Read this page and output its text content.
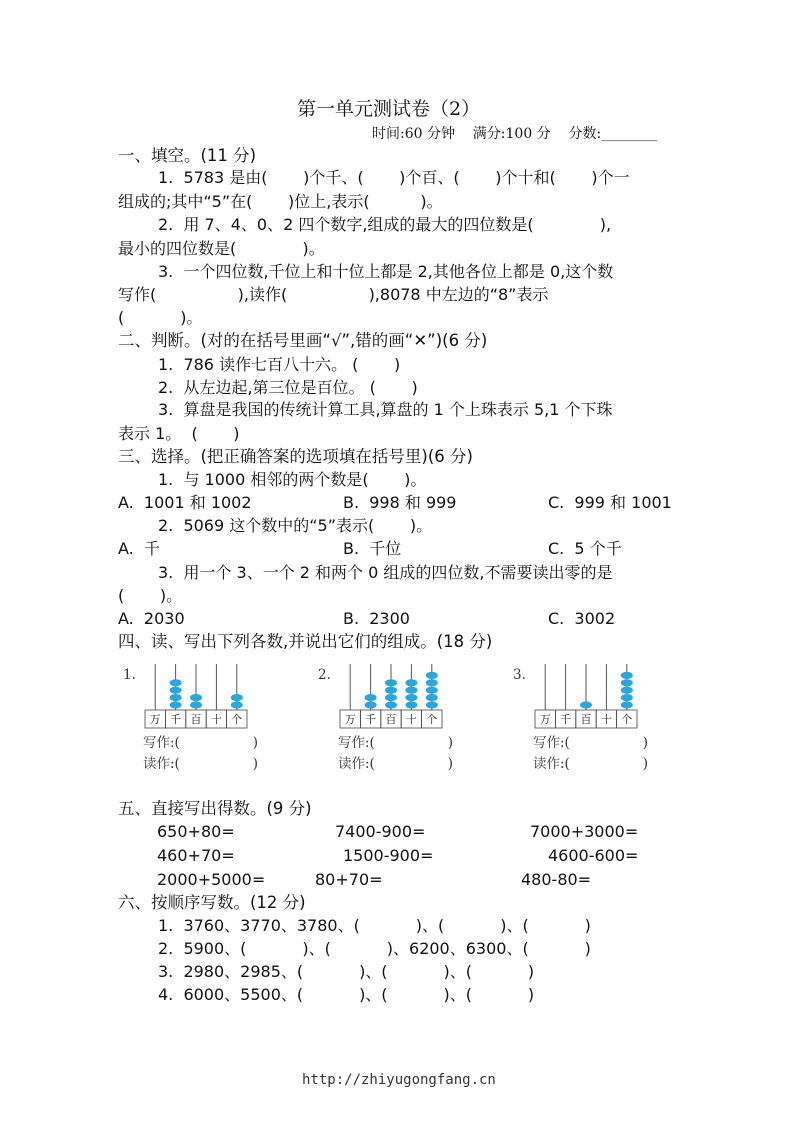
第一单元测试卷（2）
时间:60 分钟    满分:100 分    分数:________
一、填空。(11 分)
1.  5783 是由(       )个千、(       )个百、(       )个十和(       )个一
组成的;其中“5”在(       )位上,表示(          )。
2.  用 7、4、0、2 四个数字,组成的最大的四位数是(             ),
最小的四位数是(             )。
3.  一个四位数,千位上和十位上都是 2,其他各位上都是 0,这个数
写作(                ),读作(                ),8078 中左边的“8”表示
(           )。
二、判断。(对的在括号里画“√”,错的画“✕”)(6 分)
1.  786 读作七百八十六。 (       )
2.  从左边起,第三位是百位。 (       )
3.  算盘是我国的传统计算工具,算盘的 1 个上珠表示 5,1 个下珠
表示 1。  (       )
三、选择。(把正确答案的选项填在括号里)(6 分)
1.  与 1000 相邻的两个数是(       )。
A.  1001 和 1002	B.  998 和 999	C.  999 和 1001
2.  5069 这个数中的“5”表示(       )。
A.  千	B.  千位	C.  5 个千
3.  用一个 3、一个 2 和两个 0 组成的四位数,不需要读出零的是
(       )。
A.  2030	B.  2300	C.  3002
四、读、写出下列各数,并说出它们的组成。(18 分)
1.
万 千 百 十 个
写作:(                 )
读作:(                 )
2.
万 千 百 十 个
写作:(                 )
读作:(                 )
3.
万 千 百 十 个
写作:(                 )
读作:(                 )
五、直接写出得数。(9 分)
650+80=	7400-900=	7000+3000=
460+70=	1500-900=	4600-600=
2000+5000=	80+70=	480-80=
六、按顺序写数。(12 分)
1.  3760、3770、3780、(           )、(           )、(           )
2.  5900、(           )、(           )、6200、6300、(           )
3.  2980、2985、(           )、(           )、(           )
4.  6000、5500、(           )、(           )、(           )
http://zhiyugongfang.cn
